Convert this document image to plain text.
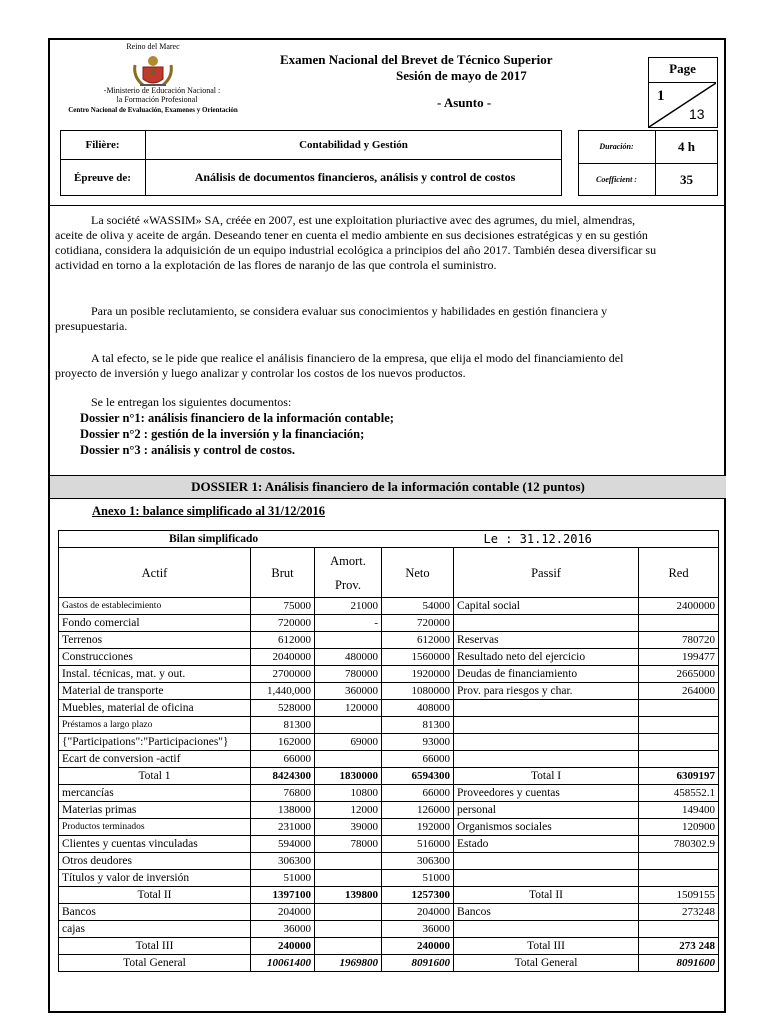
Reino del Marec
-Ministerio de Educación Nacional :
la Formación Profesional
Centro Nacional de Evaluación, Examenes y Orientación
Examen Nacional del Brevet de Técnico Superior
Sesión de mayo de 2017
- Asunto -
Page
1
13
Filière:	Contabilidad y Gestión
Épreuve de:	Análisis de documentos financieros, análisis y control de costos
Duración:	4 h
Coefficient :	35
La société «WASSIM» SA, créée en 2007, est une exploitation pluriactive avec des agrumes, du miel, almendras, aceite de oliva y aceite de argán. Deseando tener en cuenta el medio ambiente en sus decisiones estratégicas y en su gestión cotidiana, considera la adquisición de un equipo industrial ecológica a principios del año 2017. También desea diversificar su actividad en torno a la explotación de las flores de naranjo de las que controla el suministro.
Para un posible reclutamiento, se considera evaluar sus conocimientos y habilidades en gestión financiera y presupuestaria.
A tal efecto, se le pide que realice el análisis financiero de la empresa, que elija el modo del financiamiento del proyecto de inversión y luego analizar y controlar los costos de los nuevos productos.
Se le entregan los siguientes documentos:
Dossier n°1: análisis financiero de la información contable;
Dossier n°2 : gestión de la inversión y la financiación;
Dossier n°3 : análisis y control de costos.
DOSSIER 1: Análisis financiero de la información contable (12 puntos)
Anexo 1: balance simplificado al 31/12/2016
Bilan simplificado				Le : 31.12.2016	
Actif	Brut	Amort.
Prov.	Neto	Passif	Red
Gastos de establecimiento	75000	21000	54000	Capital social	2400000
Fondo comercial	720000	-	720000		
Terrenos	612000		612000	Reservas	780720
Construcciones	2040000	480000	1560000	Resultado neto del ejercicio	199477
Instal. técnicas, mat. y out.	2700000	780000	1920000	Deudas de financiamiento	2665000
Material de transporte	1,440,000	360000	1080000	Prov. para riesgos y char.	264000
Muebles, material de oficina	528000	120000	408000		
Préstamos a largo plazo	81300		81300		
{"Participations":"Participaciones"}	162000	69000	93000		
Ecart de conversion -actif	66000		66000		
Total 1	8424300	1830000	6594300	Total I	6309197
mercancías	76800	10800	66000	Proveedores y cuentas	458552.1
Materias primas	138000	12000	126000	personal	149400
Productos terminados	231000	39000	192000	Organismos sociales	120900
Clientes y cuentas vinculadas	594000	78000	516000	Estado	780302.9
Otros deudores	306300		306300		
Títulos y valor de inversión	51000		51000		
Total II	1397100	139800	1257300	Total II	1509155
Bancos	204000		204000	Bancos	273248
cajas	36000		36000		
Total III	240000		240000	Total III	273 248
Total General	10061400	1969800	8091600	Total General	8091600
